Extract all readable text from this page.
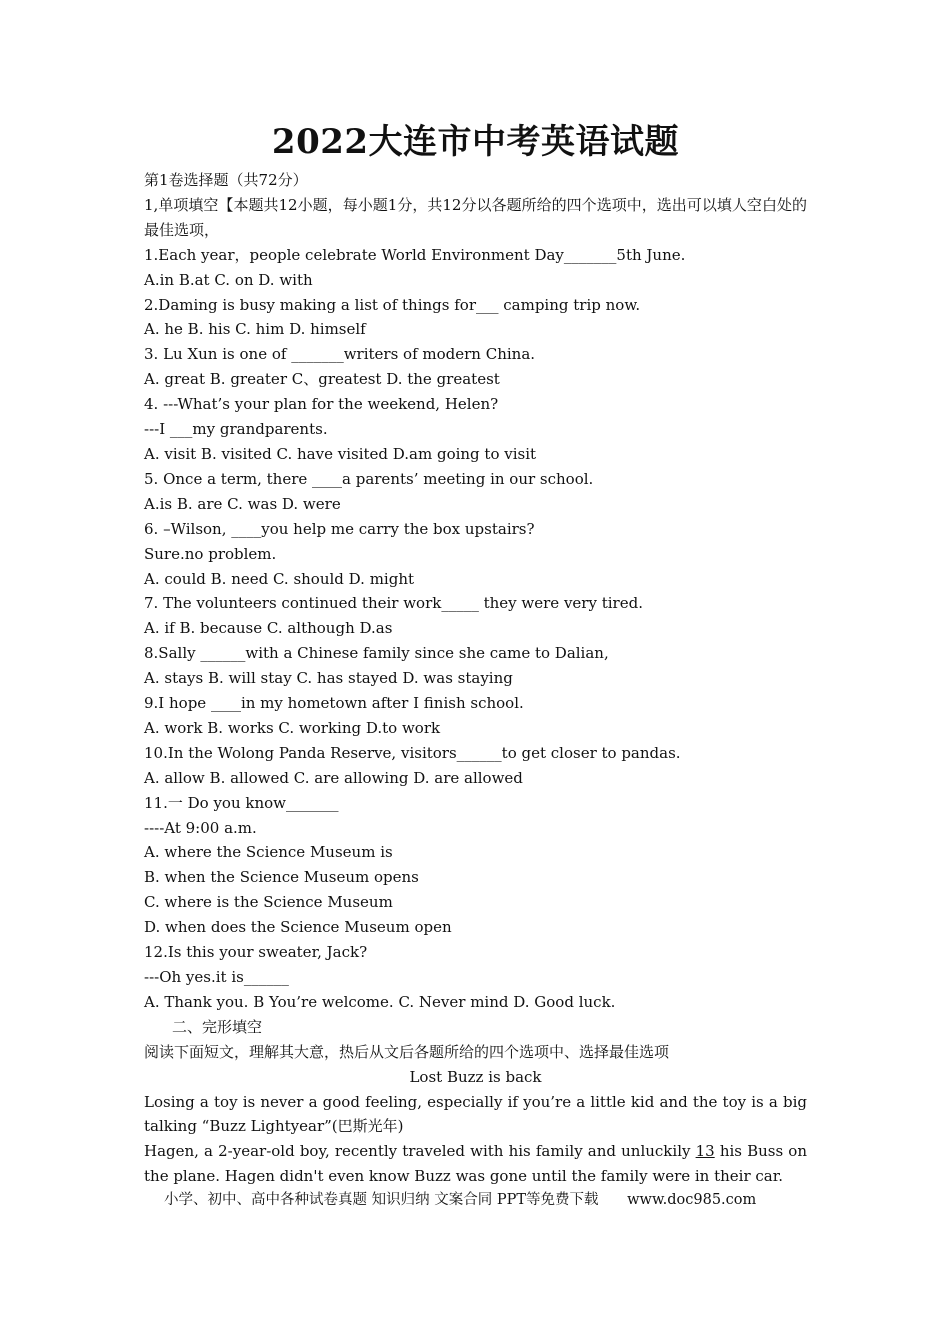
2022大连市中考英语试题

第1卷选择题（共72分）

1,单项填空【本题共12小题，每小题1分，共12分以各题所给的四个选项中，选出可以填人空白处的最佳选项，

1.Each year，people celebrate World Environment Day_______5th June.

A.in B.at C. on D. with

2.Daming is busy making a list of things for___ camping trip now.

A. he B. his C. him D. himself

3. Lu Xun is one of _______writers of modern China.

A. great B. greater C、greatest D. the greatest

4. ---What’s your plan for the weekend, Helen?

---I ___my grandparents.

A. visit B. visited C. have visited D.am going to visit

5. Once a term, there ____a parents’ meeting in our school.

A.is B. are C. was D. were

6. –Wilson, ____you help me carry the box upstairs?

Sure.no problem.

A. could B. need C. should D. might

7. The volunteers continued their work_____ they were very tired.

A. if B. because C. although D.as

8.Sally ______with a Chinese family since she came to Dalian,

A. stays B. will stay C. has stayed D. was staying

9.I hope ____in my hometown after I finish school.

A. work B. works C. working D.to work

10.In the Wolong Panda Reserve, visitors______to get closer to pandas.

A. allow B. allowed C. are allowing D. are allowed

11.一 Do you know_______

----At 9:00 a.m.

A. where the Science Museum is

B. when the Science Museum opens

C. where is the Science Museum

D. when does the Science Museum open

12.Is this your sweater, Jack?

---Oh yes.it is______

A. Thank you. B You’re welcome. C. Never mind D. Good luck.

二、完形填空

阅读下面短文，理解其大意，热后从文后各题所给的四个选项中、选择最佳选项

Lost Buzz is back

Losing a toy is never a good feeling, especially if you’re a little kid and the toy is a big talking “Buzz Lightyear”(巴斯光年)

Hagen, a 2-year-old boy, recently traveled with his family and unluckily 13 his Buss on the plane. Hagen didn't even know Buzz was gone until the family were in their car.

小学、初中、高中各种试卷真题 知识归纳 文案合同 PPT等免费下载 www.doc985.com
